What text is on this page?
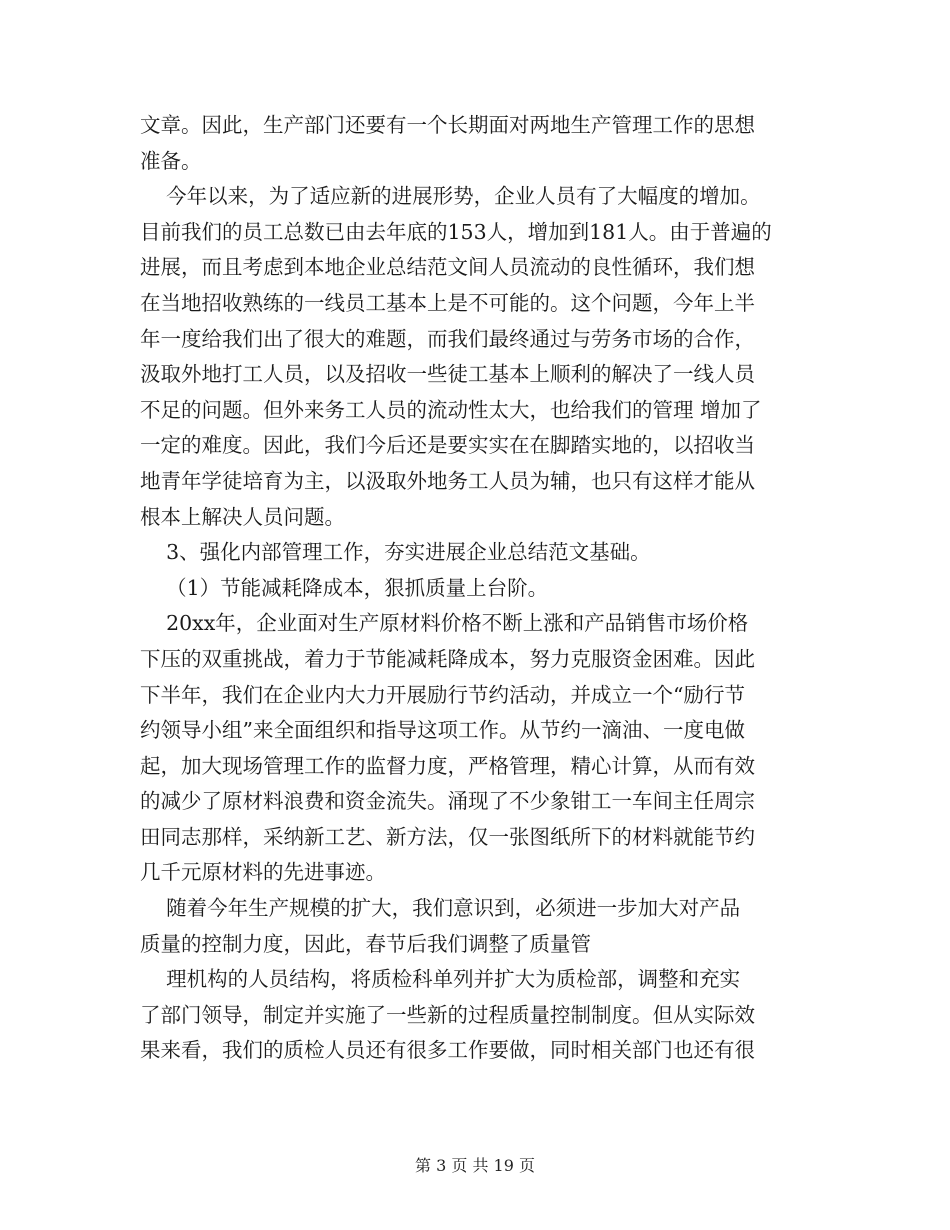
文章。因此，生产部门还要有一个长期面对两地生产管理工作的思想
准备。
今年以来，为了适应新的进展形势，企业人员有了大幅度的增加。
目前我们的员工总数已由去年底的153人，增加到181人。由于普遍的
进展，而且考虑到本地企业总结范文间人员流动的良性循环，我们想
在当地招收熟练的一线员工基本上是不可能的。这个问题，今年上半
年一度给我们出了很大的难题，而我们最终通过与劳务市场的合作，
汲取外地打工人员，以及招收一些徒工基本上顺利的解决了一线人员
不足的问题。但外来务工人员的流动性太大，也给我们的管理 增加了
一定的难度。因此，我们今后还是要实实在在脚踏实地的，以招收当
地青年学徒培育为主，以汲取外地务工人员为辅，也只有这样才能从
根本上解决人员问题。
3、强化内部管理工作，夯实进展企业总结范文基础。
（1）节能减耗降成本，狠抓质量上台阶。
20xx年，企业面对生产原材料价格不断上涨和产品销售市场价格
下压的双重挑战，着力于节能减耗降成本，努力克服资金困难。因此
下半年，我们在企业内大力开展励行节约活动，并成立一个“励行节
约领导小组”来全面组织和指导这项工作。从节约一滴油、一度电做
起，加大现场管理工作的监督力度，严格管理，精心计算，从而有效
的减少了原材料浪费和资金流失。涌现了不少象钳工一车间主任周宗
田同志那样，采纳新工艺、新方法，仅一张图纸所下的材料就能节约
几千元原材料的先进事迹。
随着今年生产规模的扩大，我们意识到，必须进一步加大对产品
质量的控制力度，因此，春节后我们调整了质量管
理机构的人员结构，将质检科单列并扩大为质检部，调整和充实
了部门领导，制定并实施了一些新的过程质量控制制度。但从实际效
果来看，我们的质检人员还有很多工作要做，同时相关部门也还有很
第 3 页 共 19 页
